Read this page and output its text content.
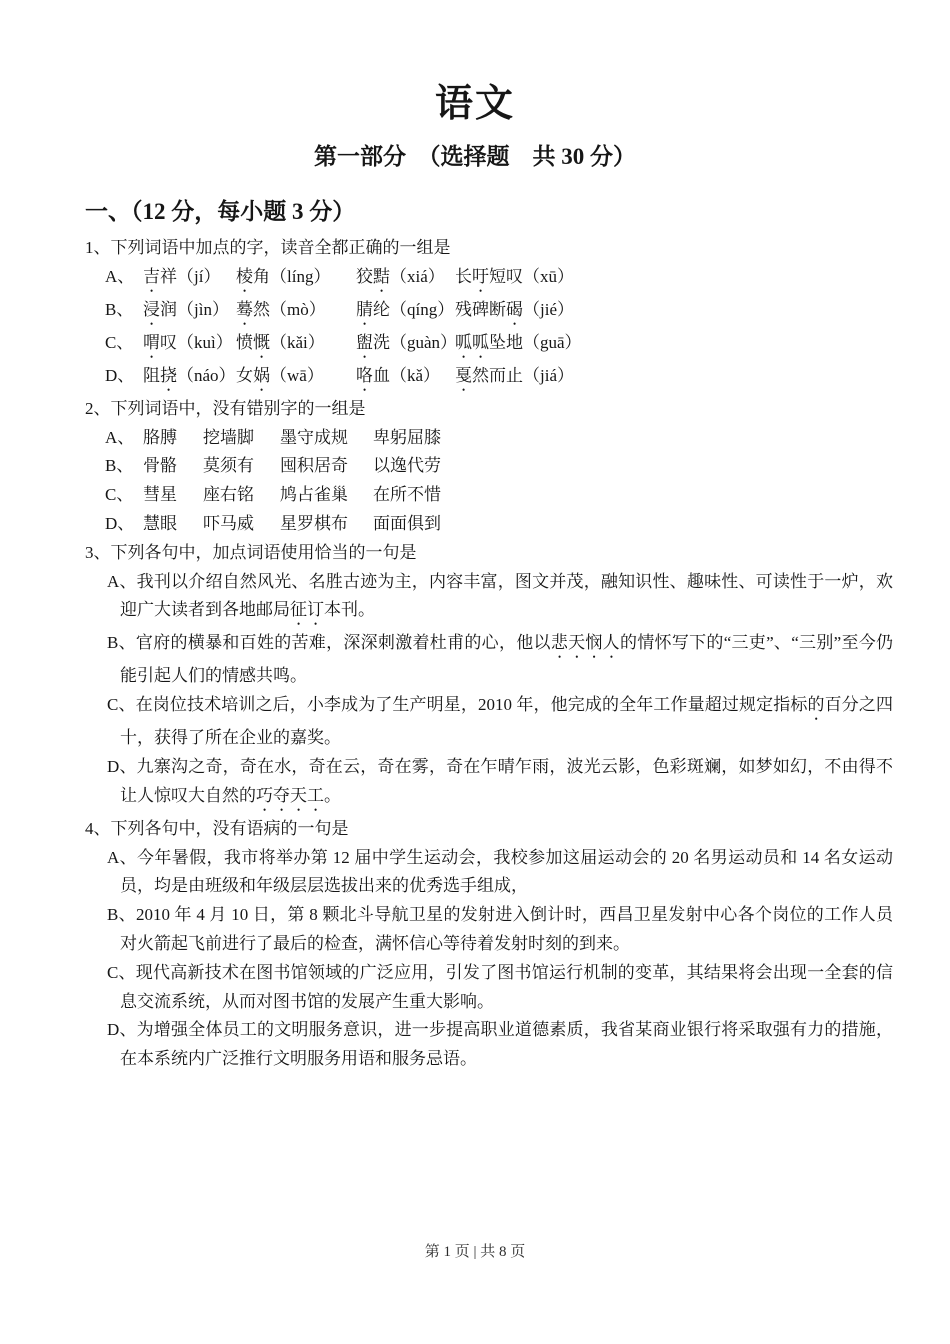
语文
第一部分　（选择题　共 30 分）
一、（12 分，每小题 3 分）
1、下列词语中加点的字，读音全都正确的一组是
A、 吉祥（jí） 棱角（líng） 狡黠（xiá） 长吁短叹（xū）
B、 浸润（jìn） 蓦然（mò） 腈纶（qíng）残碑断碣（jié）
C、 喟叹（kuì） 愤慨（kǎi） 盥洗（guàn）呱呱坠地（guā）
D、 阻挠（náo）女娲（wā） 咯血（kǎ） 戛然而止（jiá）
2、下列词语中，没有错别字的一组是
A、 胳膊 挖墙脚 墨守成规 卑躬屈膝
B、 骨骼 莫须有 囤积居奇 以逸代劳
C、 彗星 座右铭 鸠占雀巢 在所不惜
D、 慧眼 吓马威 星罗棋布 面面俱到
3、下列各句中，加点词语使用恰当的一句是
A、我刊以介绍自然风光、名胜古迹为主，内容丰富，图文并茂，融知识性、趣味性、可读性于一炉，欢迎广大读者到各地邮局征订本刊。
B、官府的横暴和百姓的苦难，深深刺激着杜甫的心，他以悲天悯人的情怀写下的“三吏”、“三别”至今仍能引起人们的情感共鸣。
C、在岗位技术培训之后，小李成为了生产明星，2010 年，他完成的全年工作量超过规定指标的百分之四十，获得了所在企业的嘉奖。
D、九寨沟之奇，奇在水，奇在云，奇在雾，奇在乍晴乍雨，波光云影，色彩斑斓，如梦如幻，不由得不让人惊叹大自然的巧夺天工。
4、下列各句中，没有语病的一句是
A、今年暑假，我市将举办第 12 届中学生运动会，我校参加这届运动会的 20 名男运动员和 14 名女运动员，均是由班级和年级层层选拔出来的优秀选手组成，
B、2010 年 4 月 10 日，第 8 颗北斗导航卫星的发射进入倒计时，西昌卫星发射中心各个岗位的工作人员对火箭起飞前进行了最后的检查，满怀信心等待着发射时刻的到来。
C、现代高新技术在图书馆领域的广泛应用，引发了图书馆运行机制的变革，其结果将会出现一全套的信息交流系统，从而对图书馆的发展产生重大影响。
D、为增强全体员工的文明服务意识，进一步提高职业道德素质，我省某商业银行将采取强有力的措施，在本系统内广泛推行文明服务用语和服务忌语。
第 1 页 | 共 8 页
